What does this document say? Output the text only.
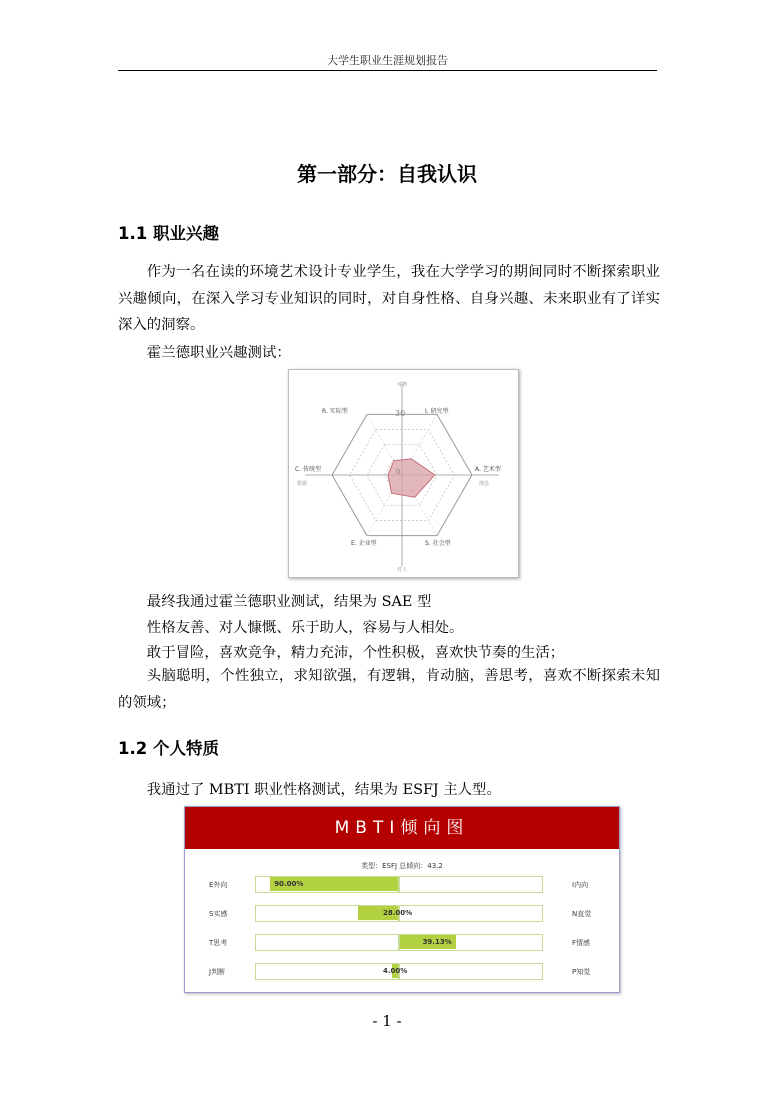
大学生职业生涯规划报告
第一部分：自我认识
1.1 职业兴趣

作为一名在读的环境艺术设计专业学生，我在大学学习的期间同时不断探索职业兴趣倾向，在深入学习专业知识的同时，对自身性格、自身兴趣、未来职业有了详实深入的洞察。

霍兰德职业兴趣测试：
对物
对人
数据	理念
30
0
R. 实际型	I. 研究型
A. 艺术型
S. 社会型
E. 企业型
C. 传统型
最终我通过霍兰德职业测试，结果为 SAE 型
性格友善、对人慷慨、乐于助人，容易与人相处。
敢于冒险，喜欢竞争，精力充沛，个性积极，喜欢快节奏的生活；

头脑聪明，个性独立，求知欲强，有逻辑，肯动脑，善思考，喜欢不断探索未知的领域；

1.2 个人特质
我通过了 MBTI 职业性格测试，结果为 ESFJ 主人型。
MBTI倾向图
类型：ESFJ 总倾向：43.2
E外向	I内向
90.00%
S实感	N直觉
28.00%
T思考	F情感
39.13%
J判断	P知觉
4.00%
- 1 -
